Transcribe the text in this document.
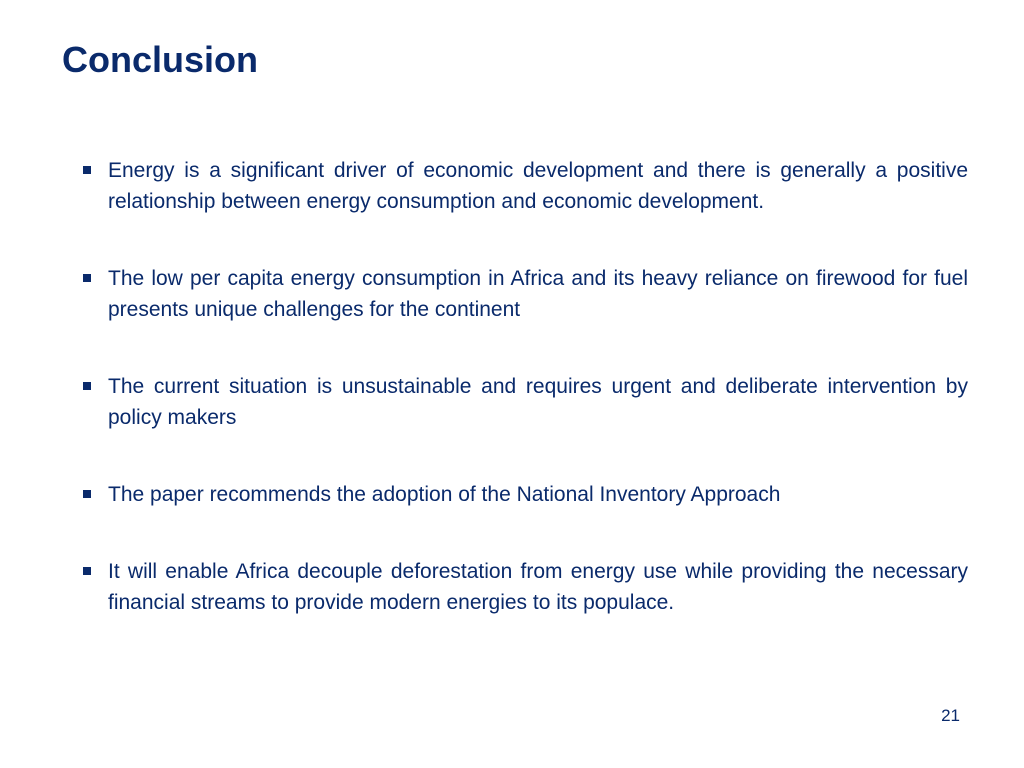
Conclusion
Energy is a significant driver of economic development and there is generally a positive relationship between energy consumption and economic development.
The low per capita energy consumption in Africa and its heavy reliance on firewood for fuel presents unique challenges for the continent
The current situation is unsustainable and requires urgent and deliberate intervention by policy makers
The paper recommends the adoption of the National Inventory Approach
It will enable Africa decouple deforestation from energy use while providing the necessary financial streams to provide modern energies to its populace.
21
